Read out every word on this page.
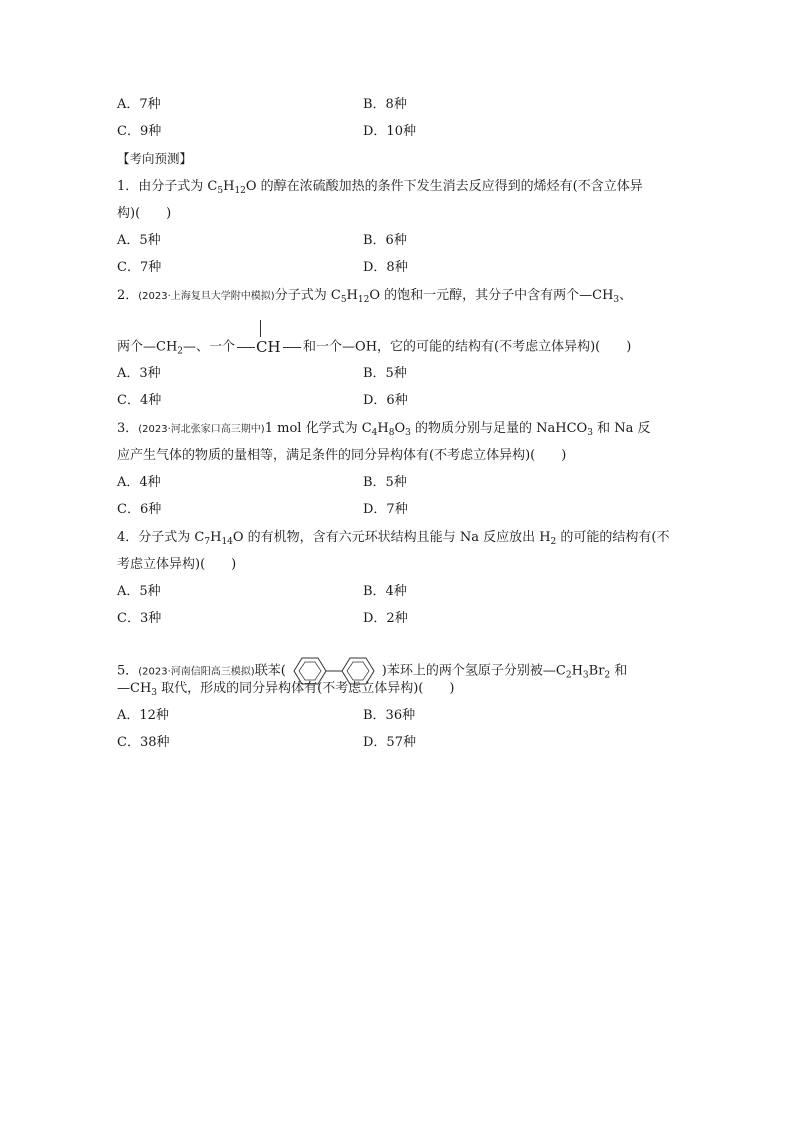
A．7种	B．8种
C．9种	D．10种
【考向预测】
1．由分子式为 $C_5H_{12}O$ 的醇在浓硫酸加热的条件下发生消去反应得到的烯烃有(不含立体异
构)(　　)
A．5种	B．6种
C．7种	D．8种
2．(2023·上海复旦大学附中模拟)分子式为 $C_5H_{12}O$ 的饱和一元醇，其分子中含有两个$—CH_3$、
两个$—CH_2—$、一个 CH 和一个—OH，它的可能的结构有(不考虑立体异构)(　　)
A．3种	B．5种
C．4种	D．6种
3．(2023·河北张家口高三期中)1 mol 化学式为 $C_4H_8O_3$ 的物质分别与足量的 NaHCO$_3$ 和 Na 反
应产生气体的物质的量相等，满足条件的同分异构体有(不考虑立体异构)(　　)
A．4种	B．5种
C．6种	D．7种
4．分子式为 $C_7H_{14}O$ 的有机物，含有六元环状结构且能与 Na 反应放出 $H_2$ 的可能的结构有(不
考虑立体异构)(　　)
A．5种	B．4种
C．3种	D．2种
5．(2023·河南信阳高三模拟)联苯(	)苯环上的两个氢原子分别被$—C_2H_3Br_2$ 和
$—CH_3$ 取代，形成的同分异构体有(不考虑立体异构)(　　)
A．12种	B．36种
C．38种	D．57种
